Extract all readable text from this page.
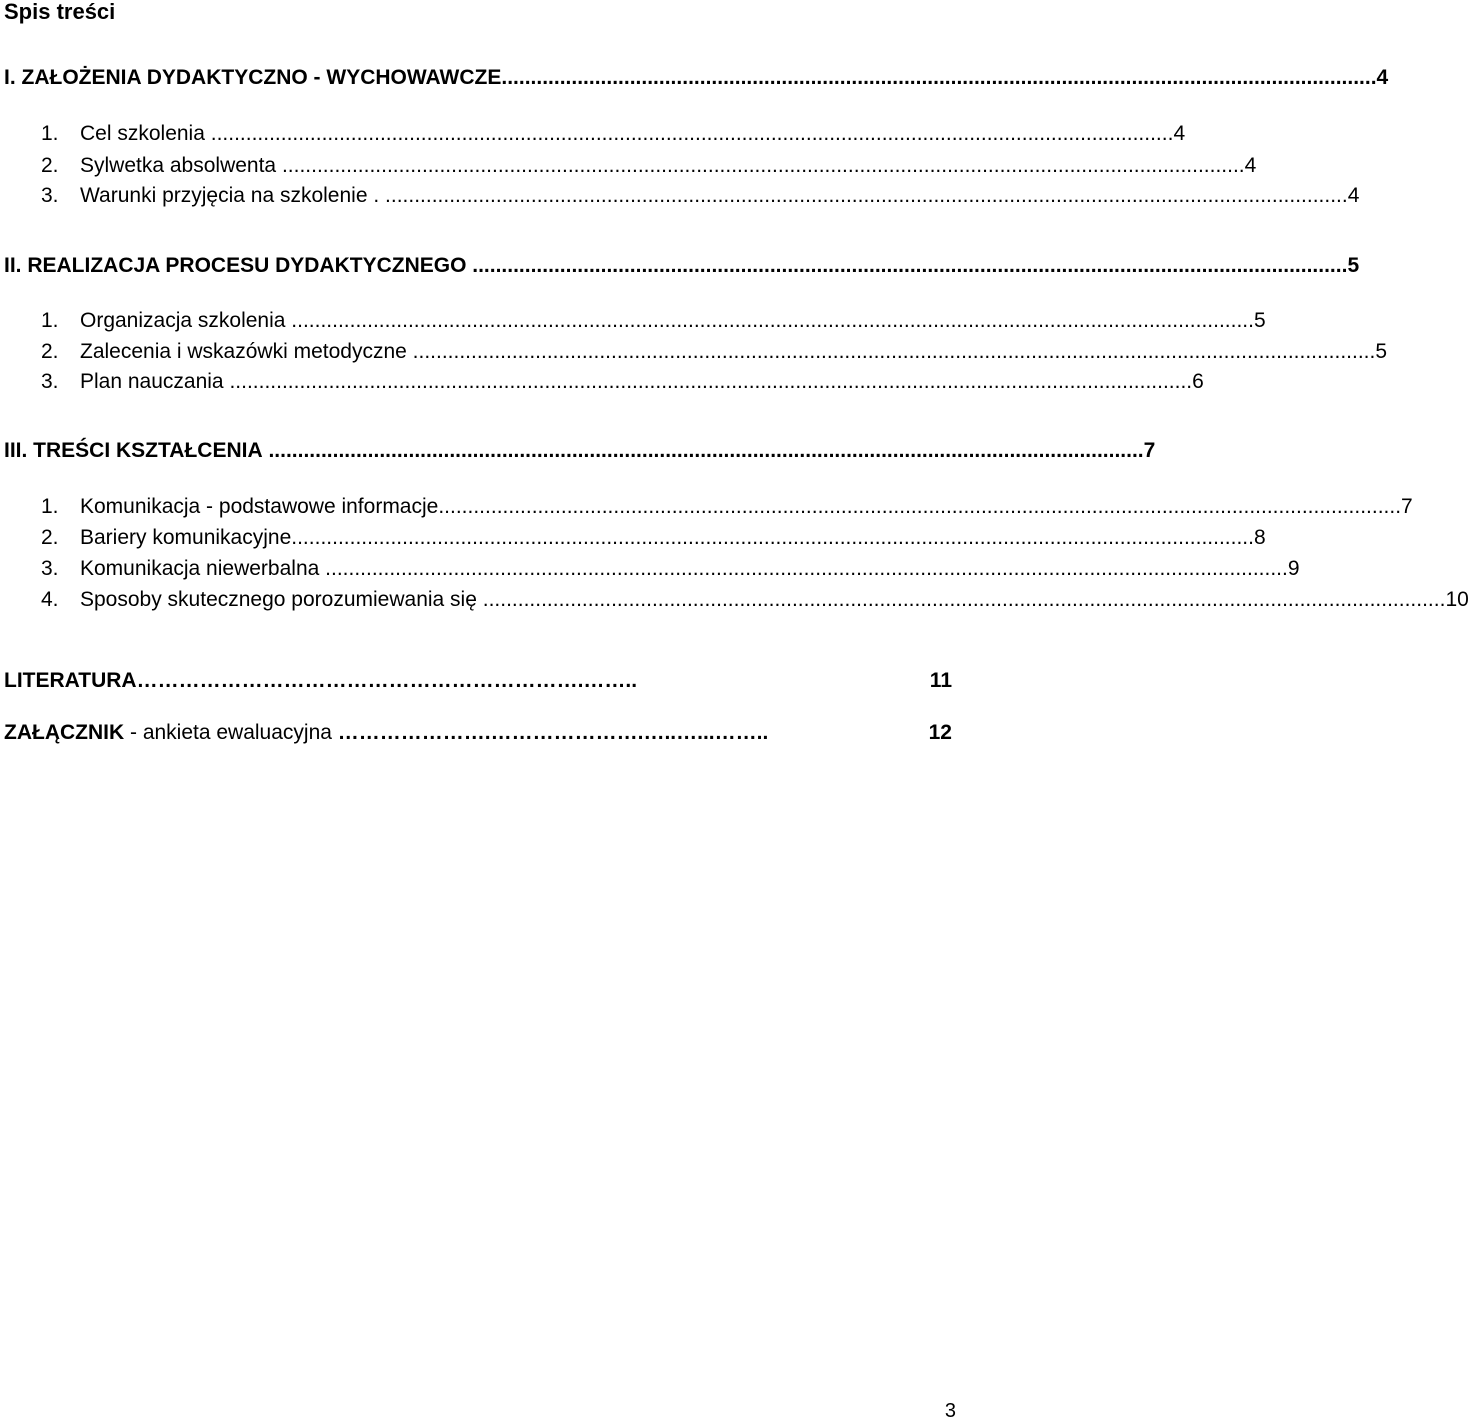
Spis treści
I. ZAŁOŻENIA DYDAKTYCZNO - WYCHOWAWCZE ...................................................................................................................................................... 4
1.	Cel szkolenia ..................................................................................................................................................................... 4
2.	Sylwetka absolwenta ..................................................................................................................................................................... 4
3.	Warunki przyjęcia na szkolenie . ..................................................................................................................................................................... 4
II. REALIZACJA PROCESU DYDAKTYCZNEGO ...................................................................................................................................................... 5
1.	Organizacja szkolenia ..................................................................................................................................................................... 5
2.	Zalecenia i wskazówki metodyczne ..................................................................................................................................................................... 5
3.	Plan nauczania ..................................................................................................................................................................... 6
III. TREŚCI KSZTAŁCENIA ...................................................................................................................................................... 7
1.	Komunikacja - podstawowe informacje ..................................................................................................................................................................... 7
2.	Bariery komunikacyjne ..................................................................................................................................................................... 8
3.	Komunikacja niewerbalna ..................................................................................................................................................................... 9
4.	Sposoby skutecznego porozumiewania się ..................................................................................................................................................................... 10
LITERATURA ……………………………………………………….……..	11
ZAŁĄCZNIK - ankieta ewaluacyjna ………………….………………….…..…...……..	12
3
